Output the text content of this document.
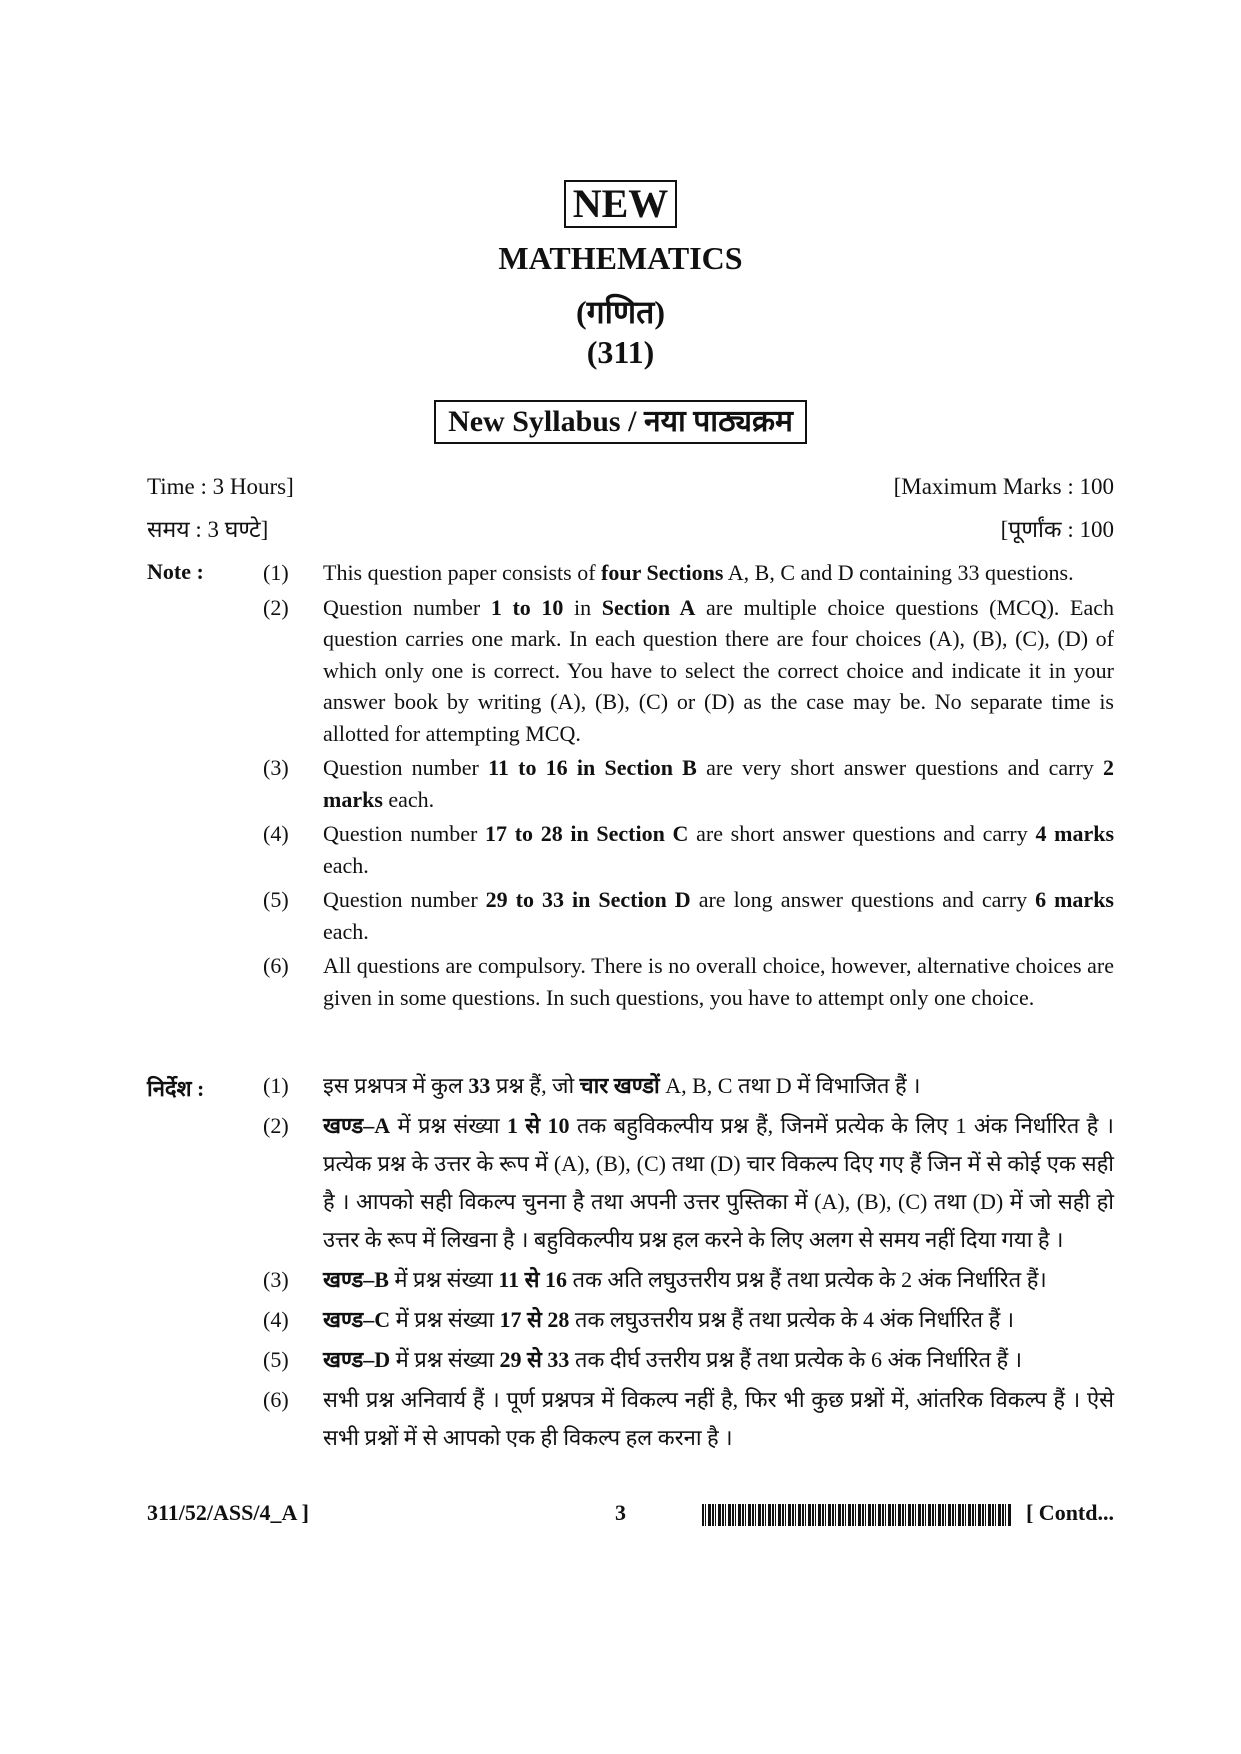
NEW
MATHEMATICS
(गणित)
(311)
New Syllabus / नया पाठ्यक्रम
Time : 3 Hours]	[Maximum Marks : 100
समय : 3 घण्टे]	[पूर्णांक : 100
Note :	(1) This question paper consists of four Sections A, B, C and D containing 33 questions.
(2) Question number 1 to 10 in Section A are multiple choice questions (MCQ). Each question carries one mark. In each question there are four choices (A), (B), (C), (D) of which only one is correct. You have to select the correct choice and indicate it in your answer book by writing (A), (B), (C) or (D) as the case may be. No separate time is allotted for attempting MCQ.
(3) Question number 11 to 16 in Section B are very short answer questions and carry 2 marks each.
(4) Question number 17 to 28 in Section C are short answer questions and carry 4 marks each.
(5) Question number 29 to 33 in Section D are long answer questions and carry 6 marks each.
(6) All questions are compulsory. There is no overall choice, however, alternative choices are given in some questions. In such questions, you have to attempt only one choice.
निर्देश :	(1) इस प्रश्नपत्र में कुल 33 प्रश्न हैं, जो चार खण्डों A, B, C तथा D में विभाजित हैं ।
(2) खण्ड–A में प्रश्न संख्या 1 से 10 तक बहुविकल्पीय प्रश्न हैं, जिनमें प्रत्येक के लिए 1 अंक निर्धारित है । प्रत्येक प्रश्न के उत्तर के रूप में (A), (B), (C) तथा (D) चार विकल्प दिए गए हैं जिन में से कोई एक सही है । आपको सही विकल्प चुनना है तथा अपनी उत्तर पुस्तिका में (A), (B), (C) तथा (D) में जो सही हो उत्तर के रूप में लिखना है । बहुविकल्पीय प्रश्न हल करने के लिए अलग से समय नहीं दिया गया है ।
(3) खण्ड–B में प्रश्न संख्या 11 से 16 तक अति लघुउत्तरीय प्रश्न हैं तथा प्रत्येक के 2 अंक निर्धारित हैं।
(4) खण्ड–C में प्रश्न संख्या 17 से 28 तक लघुउत्तरीय प्रश्न हैं तथा प्रत्येक के 4 अंक निर्धारित हैं ।
(5) खण्ड–D में प्रश्न संख्या 29 से 33 तक दीर्घ उत्तरीय प्रश्न हैं तथा प्रत्येक के 6 अंक निर्धारित हैं ।
(6) सभी प्रश्न अनिवार्य हैं । पूर्ण प्रश्नपत्र में विकल्प नहीं है, फिर भी कुछ प्रश्नों में, आंतरिक विकल्प हैं । ऐसे सभी प्रश्नों में से आपको एक ही विकल्प हल करना है ।
311/52/ASS/4_A ]	3	[ Contd...
